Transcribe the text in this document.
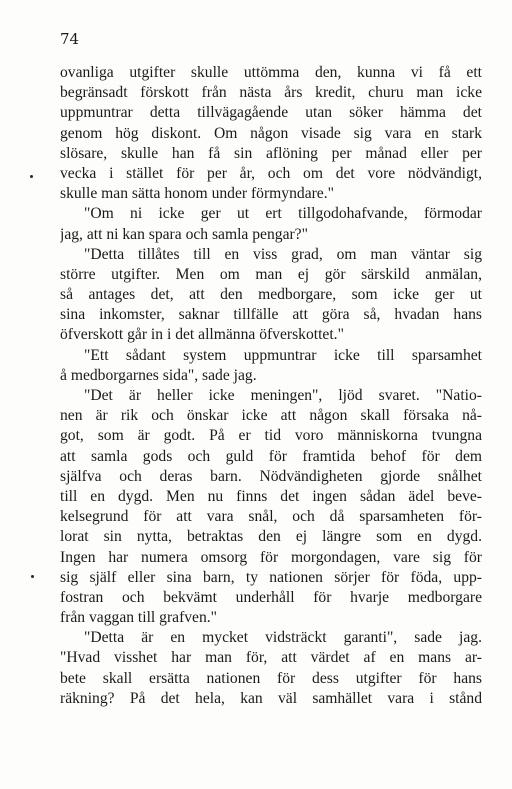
74
ovanliga utgifter skulle uttömma den, kunna vi få ett
begränsadt förskott från nästa års kredit, churu man icke
uppmuntrar detta tillvägagående utan söker hämma det
genom hög diskont. Om någon visade sig vara en stark
slösare, skulle han få sin aflöning per månad eller per
vecka i stället för per år, och om det vore nödvändigt,
skulle man sätta honom under förmyndare."
"Om ni icke ger ut ert tillgodohafvande, förmodar
jag, att ni kan spara och samla pengar?"
"Detta tillåtes till en viss grad, om man väntar sig
större utgifter. Men om man ej gör särskild anmälan,
så antages det, att den medborgare, som icke ger ut
sina inkomster, saknar tillfälle att göra så, hvadan hans
öfverskott går in i det allmänna öfverskottet."
"Ett sådant system uppmuntrar icke till sparsamhet
å medborgarnes sida", sade jag.
"Det är heller icke meningen", ljöd svaret. "Natio-
nen är rik och önskar icke att någon skall försaka nå-
got, som är godt. På er tid voro människorna tvungna
att samla gods och guld för framtida behof för dem
själfva och deras barn. Nödvändigheten gjorde snålhet
till en dygd. Men nu finns det ingen sådan ädel beve-
kelsegrund för att vara snål, och då sparsamheten för-
lorat sin nytta, betraktas den ej längre som en dygd.
Ingen har numera omsorg för morgondagen, vare sig för
sig själf eller sina barn, ty nationen sörjer för föda, upp-
fostran och bekvämt underhåll för hvarje medborgare
från vaggan till grafven."
"Detta är en mycket vidsträckt garanti", sade jag.
"Hvad visshet har man för, att värdet af en mans ar-
bete skall ersätta nationen för dess utgifter för hans
räkning? På det hela, kan väl samhället vara i stånd
